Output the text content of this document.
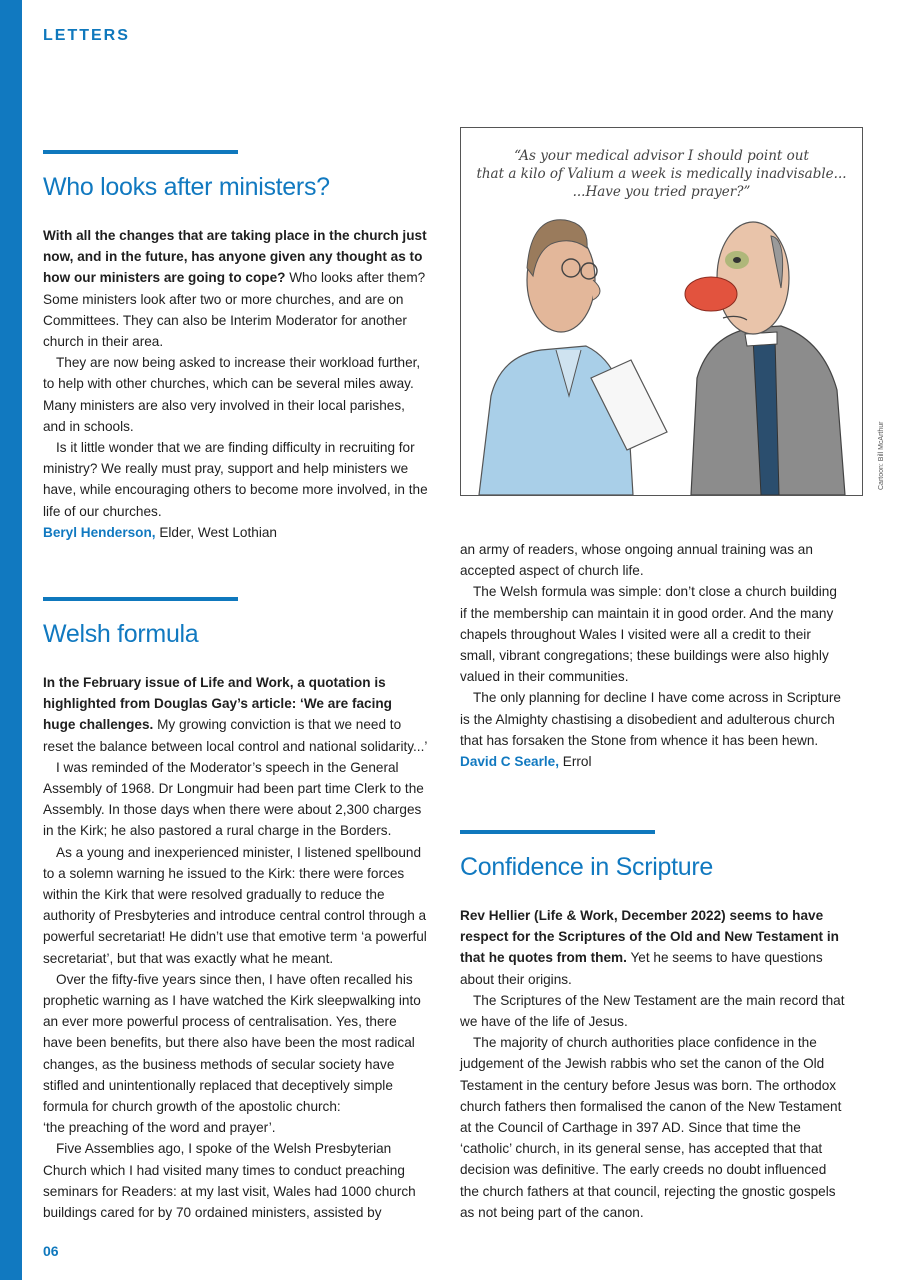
LETTERS
Who looks after ministers?

With all the changes that are taking place in the church just now, and in the future, has anyone given any thought as to how our ministers are going to cope? Who looks after them? Some ministers look after two or more churches, and are on Committees. They can also be Interim Moderator for another church in their area.

They are now being asked to increase their workload further, to help with other churches, which can be several miles away. Many ministers are also very involved in their local parishes, and in schools.

Is it little wonder that we are finding difficulty in recruiting for ministry? We really must pray, support and help ministers we have, while encouraging others to become more involved, in the life of our churches.

Beryl Henderson, Elder, West Lothian

Welsh formula

In the February issue of Life and Work, a quotation is highlighted from Douglas Gay’s article: ‘We are facing huge challenges. My growing conviction is that we need to reset the balance between local control and national solidarity...’

I was reminded of the Moderator’s speech in the General Assembly of 1968. Dr Longmuir had been part time Clerk to the Assembly. In those days when there were about 2,300 charges in the Kirk; he also pastored a rural charge in the Borders.

As a young and inexperienced minister, I listened spellbound to a solemn warning he issued to the Kirk: there were forces within the Kirk that were resolved gradually to reduce the authority of Presbyteries and introduce central control through a powerful secretariat! He didn’t use that emotive term ‘a powerful secretariat’, but that was exactly what he meant.

Over the fifty-five years since then, I have often recalled his prophetic warning as I have watched the Kirk sleepwalking into an ever more powerful process of centralisation. Yes, there have been benefits, but there also have been the most radical changes, as the business methods of secular society have stifled and unintentionally replaced that deceptively simple formula for church growth of the apostolic church:

‘the preaching of the word and prayer’.

Five Assemblies ago, I spoke of the Welsh Presbyterian Church which I had visited many times to conduct preaching seminars for Readers: at my last visit, Wales had 1000 church buildings cared for by 70 ordained ministers, assisted by

“As your medical advisor I should point out
that a kilo of Valium a week is medically inadvisable...
...Have you tried prayer?”
Cartoon: Bill McArthur

an army of readers, whose ongoing annual training was an accepted aspect of church life.

The Welsh formula was simple: don’t close a church building if the membership can maintain it in good order. And the many chapels throughout Wales I visited were all a credit to their small, vibrant congregations; these buildings were also highly valued in their communities.

The only planning for decline I have come across in Scripture is the Almighty chastising a disobedient and adulterous church that has forsaken the Stone from whence it has been hewn.

David C Searle, Errol

Confidence in Scripture

Rev Hellier (Life & Work, December 2022) seems to have respect for the Scriptures of the Old and New Testament in that he quotes from them. Yet he seems to have questions about their origins.

The Scriptures of the New Testament are the main record that we have of the life of Jesus.

The majority of church authorities place confidence in the judgement of the Jewish rabbis who set the canon of the Old Testament in the century before Jesus was born. The orthodox church fathers then formalised the canon of the New Testament at the Council of Carthage in 397 AD. Since that time the ‘catholic’ church, in its general sense, has accepted that that decision was definitive. The early creeds no doubt influenced the church fathers at that council, rejecting the gnostic gospels as not being part of the canon.

06
